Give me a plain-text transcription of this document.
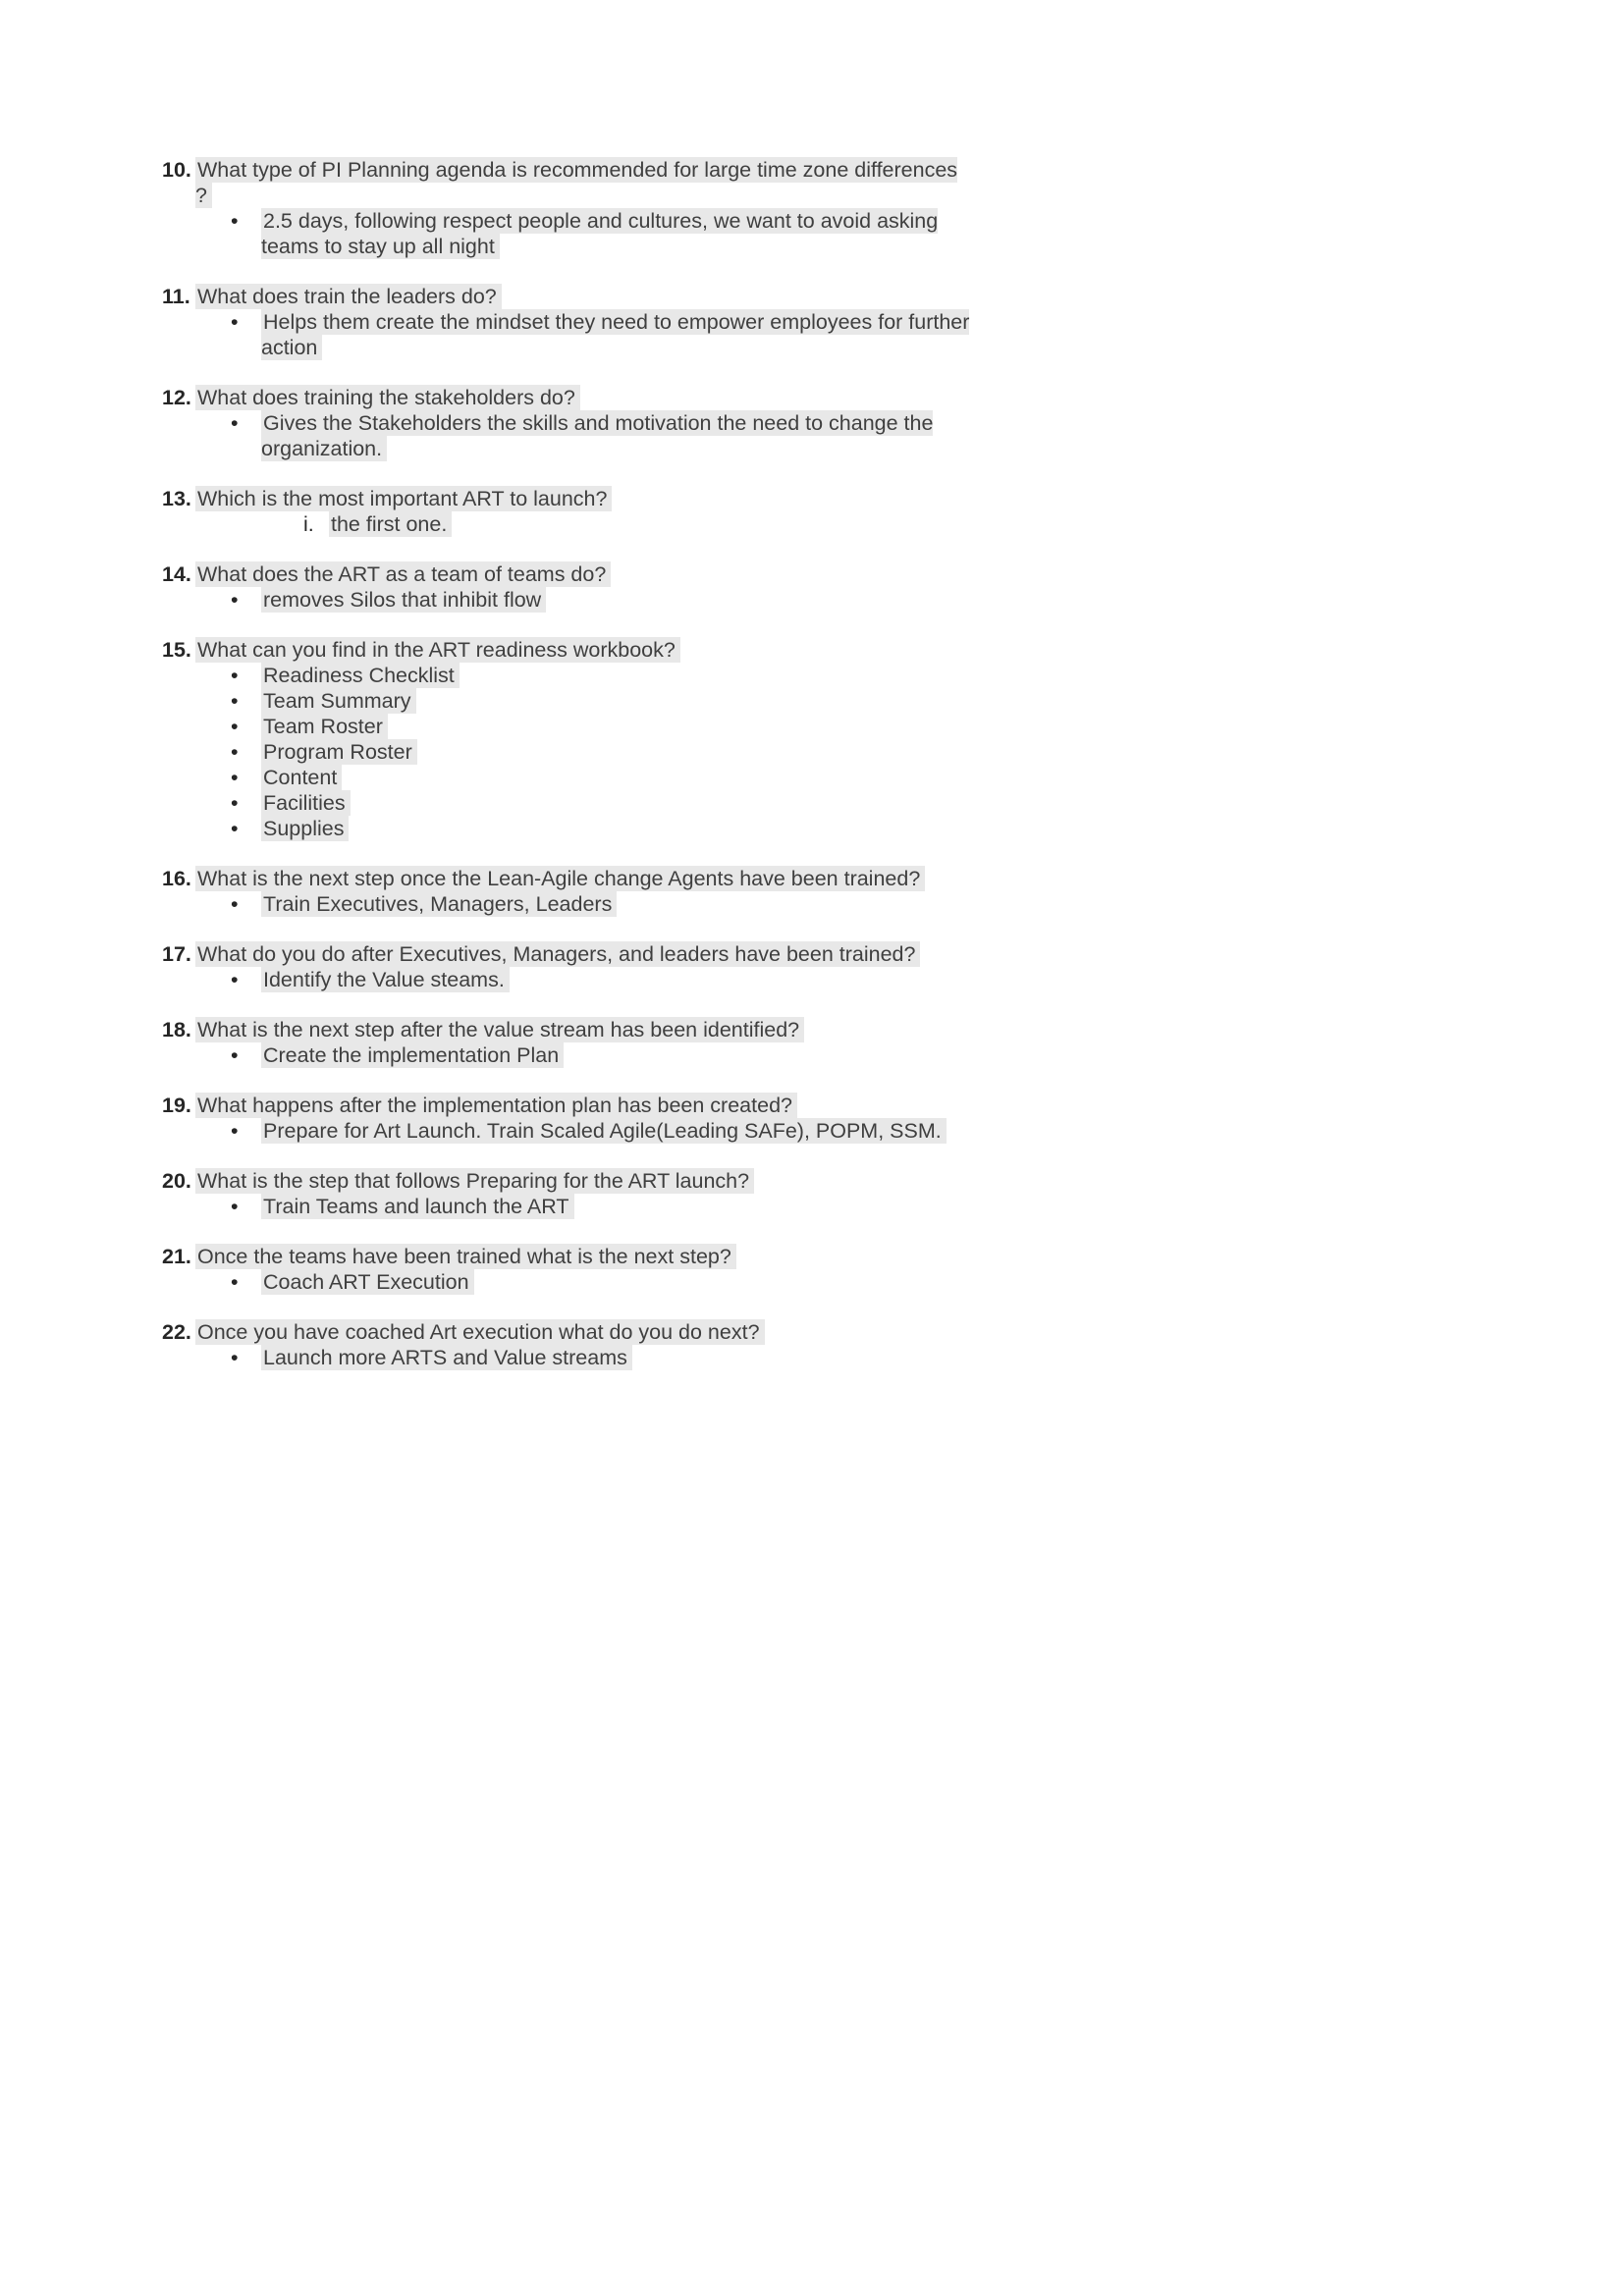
10. What type of PI Planning agenda is recommended for large time zone differences ?
• 2.5 days, following respect people and cultures, we want to avoid asking teams to stay up all night
11. What does train the leaders do?
• Helps them create the mindset they need to empower employees for further action
12. What does training the stakeholders do?
• Gives the Stakeholders the skills and motivation the need to change the organization.
13. Which is the most important ART to launch?
i. the first one.
14. What does the ART as a team of teams do?
• removes Silos that inhibit flow
15. What can you find in the ART readiness workbook?
• Readiness Checklist
• Team Summary
• Team Roster
• Program Roster
• Content
• Facilities
• Supplies
16. What is the next step once the Lean-Agile change Agents have been trained?
• Train Executives, Managers, Leaders
17. What do you do after Executives, Managers, and leaders have been trained?
• Identify the Value steams.
18. What is the next step after the value stream has been identified?
• Create the implementation Plan
19. What happens after the implementation plan has been created?
• Prepare for Art Launch. Train Scaled Agile(Leading SAFe), POPM, SSM.
20. What is the step that follows Preparing for the ART launch?
• Train Teams and launch the ART
21. Once the teams have been trained what is the next step?
• Coach ART Execution
22. Once you have coached Art execution what do you do next?
• Launch more ARTS and Value streams
